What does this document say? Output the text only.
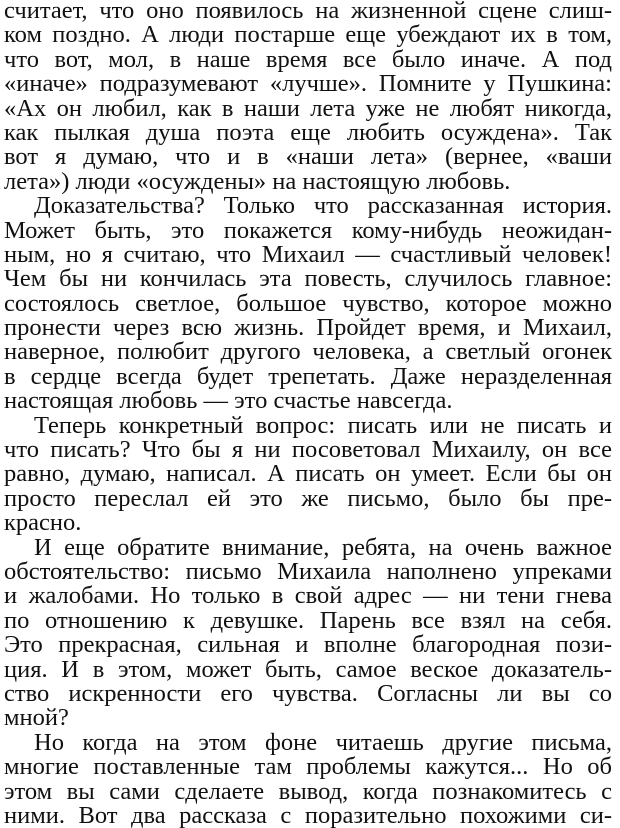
считает, что оно появилось на жизненной сцене слиш-
ком поздно. А люди постарше еще убеждают их в том,
что вот, мол, в наше время все было иначе. А под
«иначе» подразумевают «лучше». Помните у Пушкина:
«Ах он любил, как в наши лета уже не любят никогда,
как пылкая душа поэта еще любить осуждена». Так
вот я думаю, что и в «наши лета» (вернее, «ваши
лета») люди «осуждены» на настоящую любовь.
Доказательства? Только что рассказанная история.
Может быть, это покажется кому-нибудь неожидан-
ным, но я считаю, что Михаил — счастливый человек!
Чем бы ни кончилась эта повесть, случилось главное:
состоялось светлое, большое чувство, которое можно
пронести через всю жизнь. Пройдет время, и Михаил,
наверное, полюбит другого человека, а светлый огонек
в сердце всегда будет трепетать. Даже неразделенная
настоящая любовь — это счастье навсегда.
Теперь конкретный вопрос: писать или не писать и
что писать? Что бы я ни посоветовал Михаилу, он все
равно, думаю, написал. А писать он умеет. Если бы он
просто переслал ей это же письмо, было бы пре-
красно.
И еще обратите внимание, ребята, на очень важное
обстоятельство: письмо Михаила наполнено упреками
и жалобами. Но только в свой адрес — ни тени гнева
по отношению к девушке. Парень все взял на себя.
Это прекрасная, сильная и вполне благородная пози-
ция. И в этом, может быть, самое веское доказатель-
ство искренности его чувства. Согласны ли вы со
мной?
Но когда на этом фоне читаешь другие письма,
многие поставленные там проблемы кажутся... Но об
этом вы сами сделаете вывод, когда познакомитесь с
ними. Вот два рассказа с поразительно похожими си-
